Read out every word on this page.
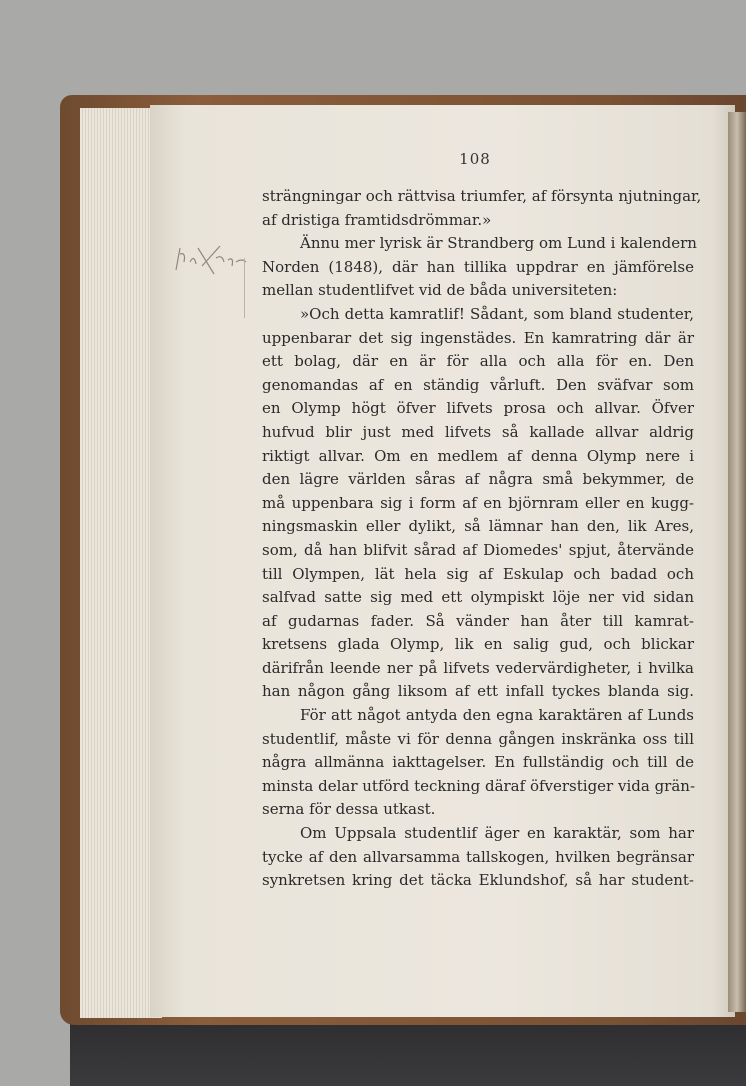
108
strängningar och rättvisa triumfer, af försynta njutningar,
af dristiga framtidsdrömmar.»
Ännu mer lyrisk är Strandberg om Lund i kalendern
Norden (1848), där han tillika uppdrar en jämförelse
mellan studentlifvet vid de båda universiteten:
»Och detta kamratlif! Sådant, som bland studenter,
uppenbarar det sig ingenstädes. En kamratring där är
ett bolag, där en är för alla och alla för en. Den
genomandas af en ständig vårluft. Den sväfvar som
en Olymp högt öfver lifvets prosa och allvar. Öfver
hufvud blir just med lifvets så kallade allvar aldrig
riktigt allvar. Om en medlem af denna Olymp nere i
den lägre världen såras af några små bekymmer, de
må uppenbara sig i form af en björnram eller en kugg-
ningsmaskin eller dylikt, så lämnar han den, lik Ares,
som, då han blifvit sårad af Diomedes' spjut, återvände
till Olympen, lät hela sig af Eskulap och badad och
salfvad satte sig med ett olympiskt löje ner vid sidan
af gudarnas fader. Så vänder han åter till kamrat-
kretsens glada Olymp, lik en salig gud, och blickar
därifrån leende ner på lifvets vedervärdigheter, i hvilka
han någon gång liksom af ett infall tyckes blanda sig.
För att något antyda den egna karaktären af Lunds
studentlif, måste vi för denna gången inskränka oss till
några allmänna iakttagelser. En fullständig och till de
minsta delar utförd teckning däraf öfverstiger vida grän-
serna för dessa utkast.
Om Uppsala studentlif äger en karaktär, som har
tycke af den allvarsamma tallskogen, hvilken begränsar
synkretsen kring det täcka Eklundshof, så har student-
